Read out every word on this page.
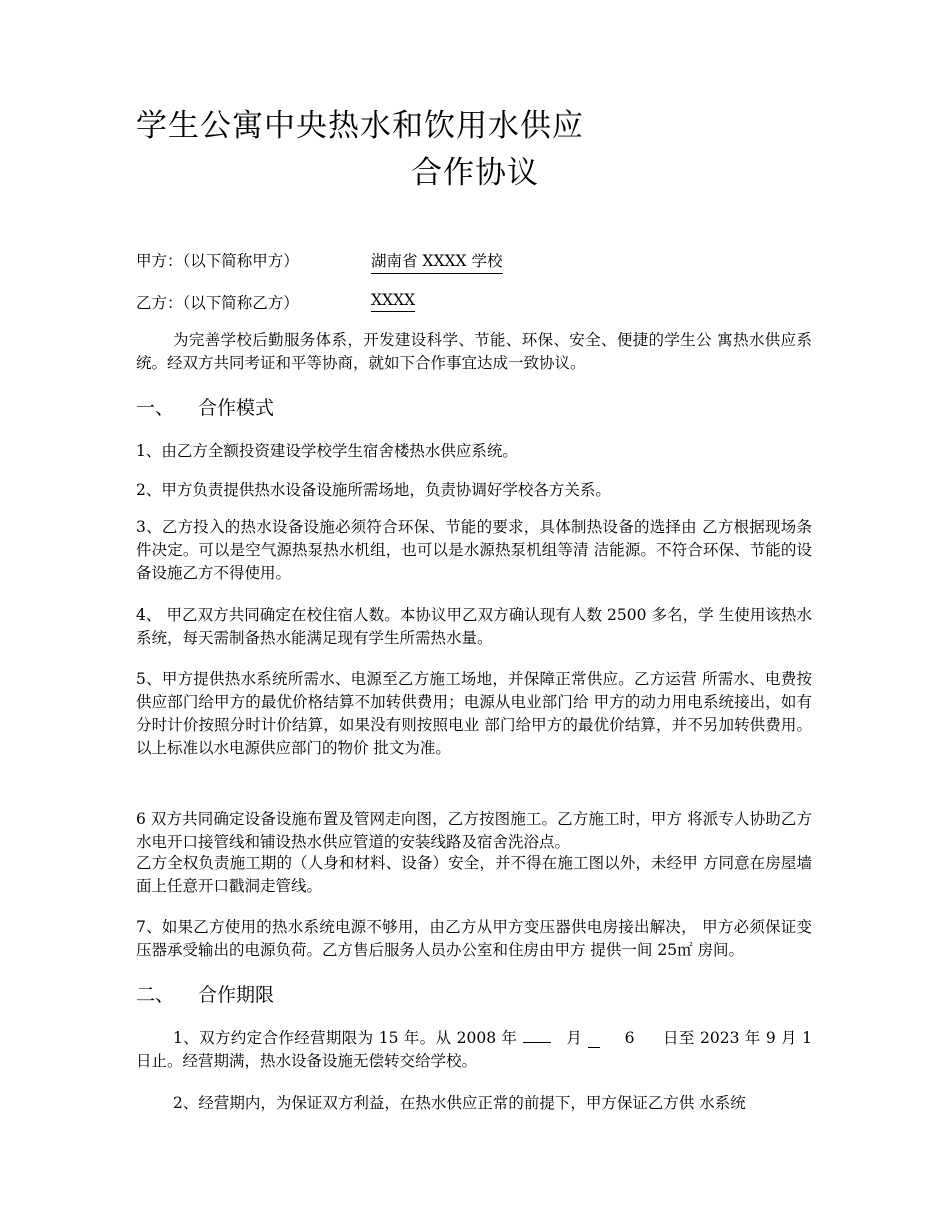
学生公寓中央热水和饮用水供应
合作协议
甲方：（以下简称甲方）	湖南省 XXXX 学校
乙方：（以下简称乙方）	XXXX
为完善学校后勤服务体系，开发建设科学、节能、环保、安全、便捷的学生公 寓热水供应系统。经双方共同考证和平等协商，就如下合作事宜达成一致协议。
一、 合作模式
1、由乙方全额投资建设学校学生宿舍楼热水供应系统。
2、甲方负责提供热水设备设施所需场地，负责协调好学校各方关系。
3、乙方投入的热水设备设施必须符合环保、节能的要求，具体制热设备的选择由 乙方根据现场条件决定。可以是空气源热泵热水机组，也可以是水源热泵机组等清 洁能源。不符合环保、节能的设备设施乙方不得使用。
4、 甲乙双方共同确定在校住宿人数。本协议甲乙双方确认现有人数 2500 多名，学 生使用该热水系统，每天需制备热水能满足现有学生所需热水量。
5、甲方提供热水系统所需水、电源至乙方施工场地，并保障正常供应。乙方运营 所需水、电费按供应部门给甲方的最优价格结算不加转供费用；电源从电业部门给 甲方的动力用电系统接出，如有分时计价按照分时计价结算，如果没有则按照电业 部门给甲方的最优价结算，并不另加转供费用。以上标准以水电源供应部门的物价 批文为准。
6 双方共同确定设备设施布置及管网走向图，乙方按图施工。乙方施工时，甲方 将派专人协助乙方水电开口接管线和铺设热水供应管道的安装线路及宿舍洗浴点。
乙方全权负责施工期的（人身和材料、设备）安全，并不得在施工图以外，未经甲 方同意在房屋墙面上任意开口戳洞走管线。
7、如果乙方使用的热水系统电源不够用，由乙方从甲方变压器供电房接出解决， 甲方必须保证变压器承受输出的电源负荷。乙方售后服务人员办公室和住房由甲方 提供一间 25㎡ 房间。
二、 合作期限
1、双方约定合作经营期限为 15 年。从 2008 年	月	6 日至 2023 年 9 月 1 日止。经营期满，热水设备设施无偿转交给学校。
2、经营期内，为保证双方利益，在热水供应正常的前提下，甲方保证乙方供 水系统
